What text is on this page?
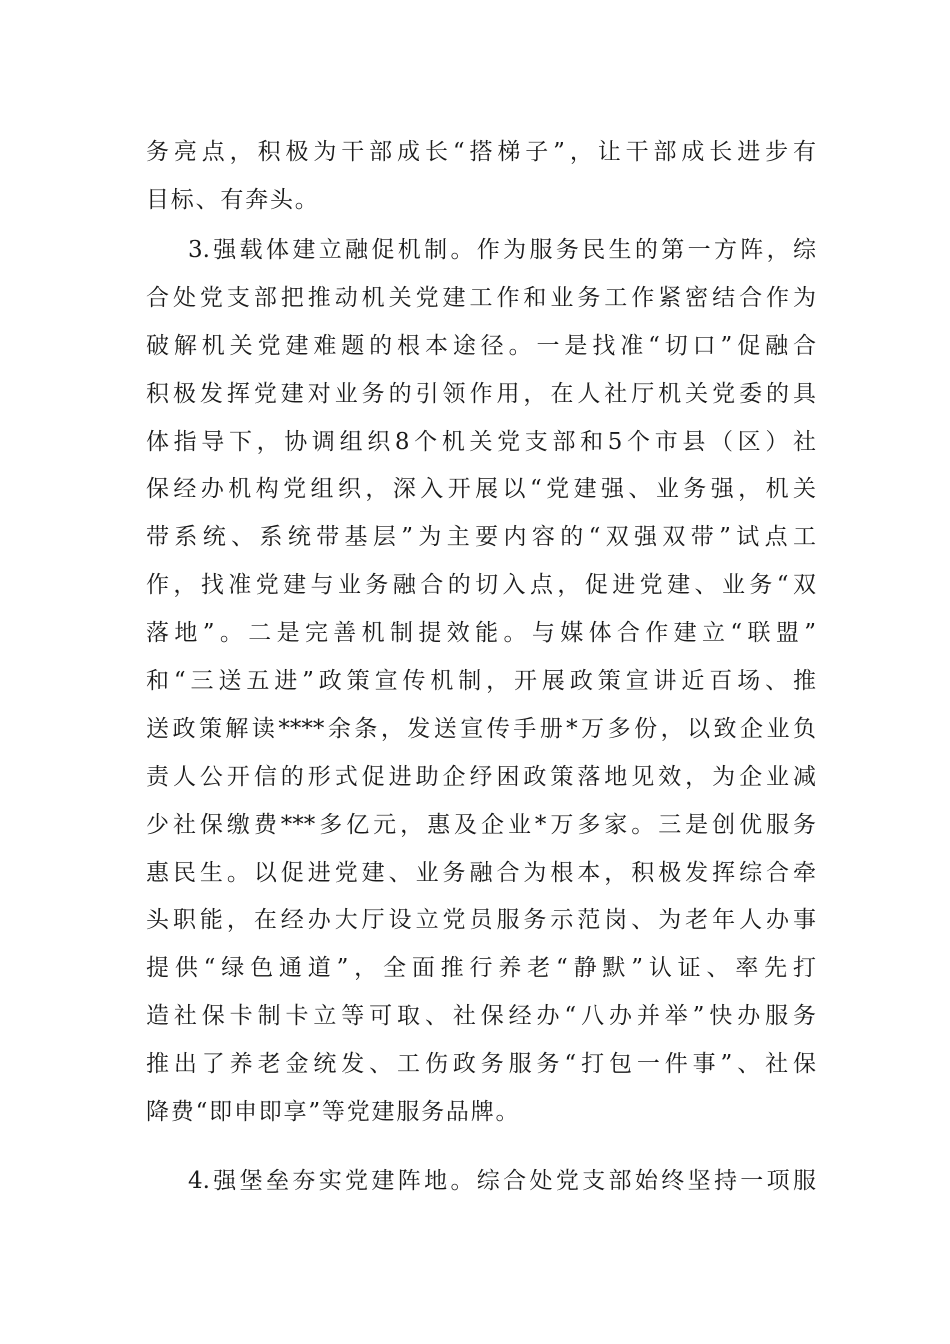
务亮点，积极为干部成长“搭梯子”，让干部成长进步有
目标、有奔头。
3.强载体建立融促机制。作为服务民生的第一方阵，综
合处党支部把推动机关党建工作和业务工作紧密结合作为
破解机关党建难题的根本途径。一是找准“切口”促融合
积极发挥党建对业务的引领作用，在人社厅机关党委的具
体指导下，协调组织8个机关党支部和5个市县（区）社
保经办机构党组织，深入开展以“党建强、业务强，机关
带系统、系统带基层”为主要内容的“双强双带”试点工
作，找准党建与业务融合的切入点，促进党建、业务“双
落地”。二是完善机制提效能。与媒体合作建立“联盟”
和“三送五进”政策宣传机制，开展政策宣讲近百场、推
送政策解读****余条，发送宣传手册*万多份，以致企业负
责人公开信的形式促进助企纾困政策落地见效，为企业减
少社保缴费***多亿元，惠及企业*万多家。三是创优服务
惠民生。以促进党建、业务融合为根本，积极发挥综合牵
头职能，在经办大厅设立党员服务示范岗、为老年人办事
提供“绿色通道”，全面推行养老“静默”认证、率先打
造社保卡制卡立等可取、社保经办“八办并举”快办服务
推出了养老金统发、工伤政务服务“打包一件事”、社保
降费“即申即享”等党建服务品牌。
4.强堡垒夯实党建阵地。综合处党支部始终坚持一项服
